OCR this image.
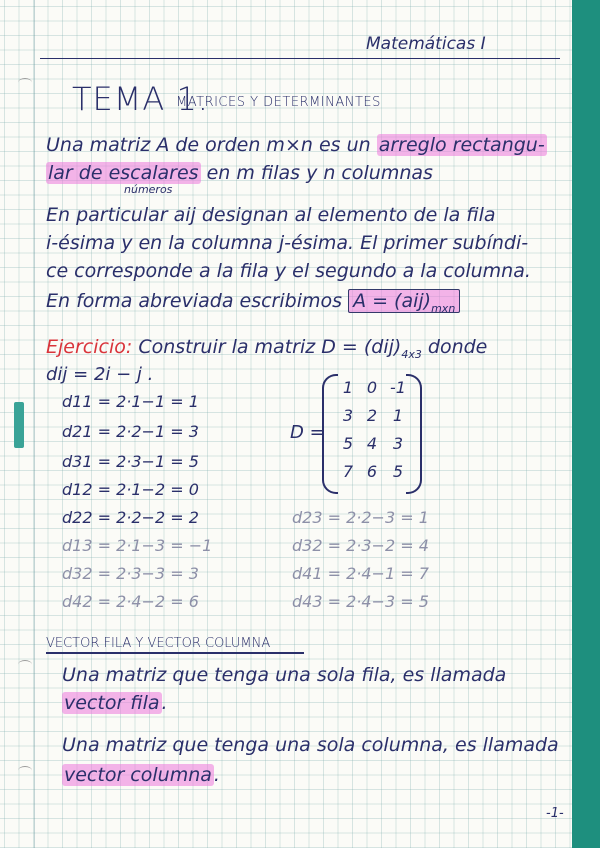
Matemáticas I
TEMA 1.
MATRICES Y DETERMINANTES
Una matriz A de orden m×n es un arreglo rectangu-
lar de escalares en m filas y n columnas
números
En particular aij designan al elemento de la fila
i-ésima y en la columna j-ésima. El primer subíndi-
ce corresponde a la fila y el segundo a la columna.
En forma abreviada escribimos $A = (aij)_{mxn}$
Ejercicio: Construir la matriz $D = (dij)_{4x3}$ donde
dij = 2i − j .
d11 = 2·1−1 = 1
d21 = 2·2−1 = 3
d31 = 2·3−1 = 5
d12 = 2·1−2 = 0
d22 = 2·2−2 = 2
d13 = 2·1−3 = −1
d32 = 2·3−3 = 3
d42 = 2·4−2 = 6
d23 = 2·2−3 = 1
d32 = 2·3−2 = 4
d41 = 2·4−1 = 7
d43 = 2·4−3 = 5
D =
1 0 -1
3 2 1
5 4 3
7 6 5
VECTOR FILA Y VECTOR COLUMNA
Una matriz que tenga una sola fila, es llamada
vector fila .
Una matriz que tenga una sola columna, es llamada
vector columna .
-1-
